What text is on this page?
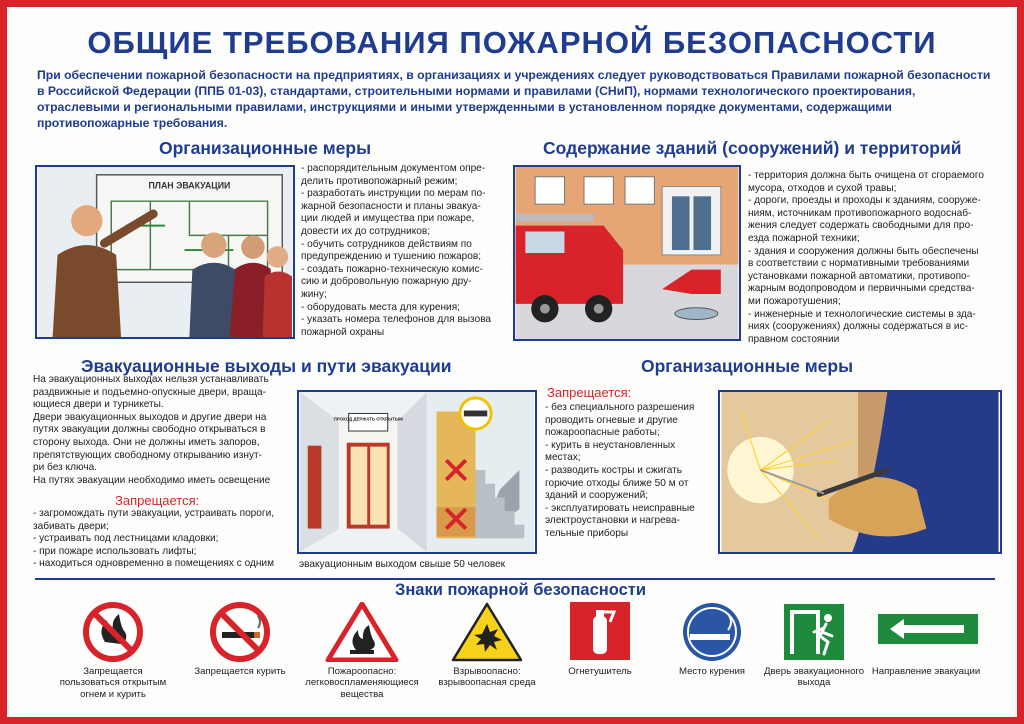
ОБЩИЕ ТРЕБОВАНИЯ ПОЖАРНОЙ БЕЗОПАСНОСТИ
При обеспечении пожарной безопасности на предприятиях, в организациях и учреждениях следует руководствоваться Правилами пожарной безопасности в Российской Федерации (ППБ 01-03), стандартами, строительными нормами и правилами (СНиП), нормами технологического проектирования, отраслевыми и региональными правилами, инструкциями и иными утвержденными в установленном порядке документами, содержащими противопожарные требования.
Организационные меры
ПЛАН ЭВАКУАЦИИ
- распорядительным документом опре-
делить противопожарный режим;
- разработать инструкции по мерам по-
жарной безопасности и планы эвакуа-
ции людей и имущества при пожаре,
довести их до сотрудников;
- обучить сотрудников действиям по
предупреждению и тушению пожаров;
- создать пожарно-техническую комис-
сию и добровольную пожарную дру-
жину;
- оборудовать места для курения;
- указать номера телефонов для вызова
пожарной охраны
Содержание зданий (сооружений) и территорий
- территория должна быть очищена от сгораемого
мусора, отходов и сухой травы;
- дороги, проезды и проходы к зданиям, сооруже-
ниям, источникам противопожарного водоснаб-
жения следует содержать свободными для про-
езда пожарной техники;
- здания и сооружения должны быть обеспечены
в соответствии с нормативными требованиями
установками пожарной автоматики, противопо-
жарным водопроводом и первичными средства-
ми пожаротушения;
- инженерные и технологические системы в зда-
ниях (сооружениях) должны содержаться в ис-
правном состоянии
Эвакуационные выходы и пути эвакуации
На эвакуационных выходах нельзя устанавливать
раздвижные и подъемно-опускные двери, враща-
ющиеся двери и турникеты.
Двери эвакуационных выходов и другие двери на
путях эвакуации должны свободно открываться в
сторону выхода. Они не должны иметь запоров,
препятствующих свободному открыванию изнут-
ри без ключа.
На путях эвакуации необходимо иметь освещение
Запрещается:
- загромождать пути эвакуации, устраивать пороги,
забивать двери;
- устраивать под лестницами кладовки;
- при пожаре использовать лифты;
- находиться одновременно в помещениях с одним
ПРОХОД ДЕРЖАТЬ ОТКРЫТЫМ
эвакуационным выходом свыше 50 человек
Организационные меры
Запрещается:
- без специального разрешения
проводить огневые и другие
пожароопасные работы;
- курить в неустановленных
местах;
- разводить костры и сжигать
горючие отходы ближе 50 м от
зданий и сооружений;
- эксплуатировать неисправные
электроустановки и нагрева-
тельные приборы
Знаки пожарной безопасности
Запрещается пользоваться открытым огнем и курить
Запрещается курить	Пожароопасно: легковоспламеняющиеся вещества
Взрывоопасно: взрывоопасная среда
Огнетушитель	Место курения	Дверь эвакуационного выхода
Направление эвакуации
